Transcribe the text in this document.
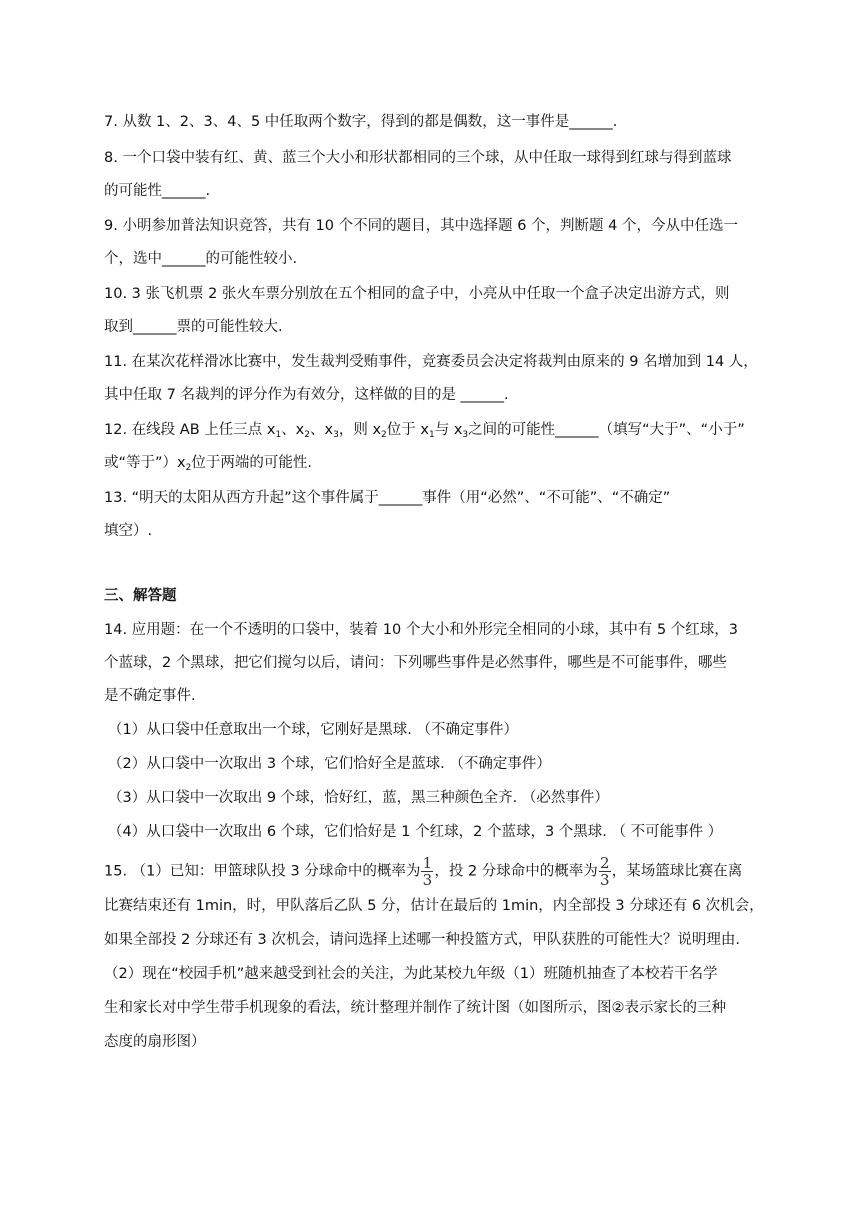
7. 从数 1、2、3、4、5 中任取两个数字，得到的都是偶数，这一事件是______.
8. 一个口袋中装有红、黄、蓝三个大小和形状都相同的三个球，从中任取一球得到红球与得到蓝球
的可能性______.
9. 小明参加普法知识竞答，共有 10 个不同的题目，其中选择题 6 个，判断题 4 个，今从中任选一
个，选中______的可能性较小.
10. 3 张飞机票 2 张火车票分别放在五个相同的盒子中，小亮从中任取一个盒子决定出游方式，则
取到______票的可能性较大.
11. 在某次花样滑冰比赛中，发生裁判受贿事件，竞赛委员会决定将裁判由原来的 9 名增加到 14 人，
其中任取 7 名裁判的评分作为有效分，这样做的目的是 ______.
12. 在线段 AB 上任三点 $x_1$、$x_2$、$x_3$，则 $x_2$位于 $x_1$与 $x_3$之间的可能性______（填写“大于”、“小于”
或“等于$”)x_2$位于两端的可能性.
13. “明天的太阳从西方升起”这个事件属于______事件（用“必然”、“不可能”、“不确定”
填空）.
三、解答题
14. 应用题：在一个不透明的口袋中，装着 10 个大小和外形完全相同的小球，其中有 5 个红球，3
个蓝球，2 个黑球，把它们搅匀以后，请问：下列哪些事件是必然事件，哪些是不可能事件，哪些
是不确定事件.
（1）从口袋中任意取出一个球，它刚好是黑球. （不确定事件）
（2）从口袋中一次取出 3 个球，它们恰好全是蓝球. （不确定事件）
（3）从口袋中一次取出 9 个球，恰好红，蓝，黑三种颜色全齐. （必然事件）
（4）从口袋中一次取出 6 个球，它们恰好是 1 个红球，2 个蓝球，3 个黑球. （ 不可能事件 ）
15. （1）已知：甲篮球队投 3 分球命中的概率为 $\frac{1}{3}$ ，投 2 分球命中的概率为 $\frac{2}{3}$ ，某场篮球比赛在离
比赛结束还有 1min，时，甲队落后乙队 5 分，估计在最后的 1min，内全部投 3 分球还有 6 次机会，
如果全部投 2 分球还有 3 次机会，请问选择上述哪一种投篮方式，甲队获胜的可能性大？说明理由.
（2）现在“校园手机”越来越受到社会的关注，为此某校九年级（1）班随机抽查了本校若干名学
生和家长对中学生带手机现象的看法，统计整理并制作了统计图（如图所示，图②表示家长的三种
态度的扇形图）
